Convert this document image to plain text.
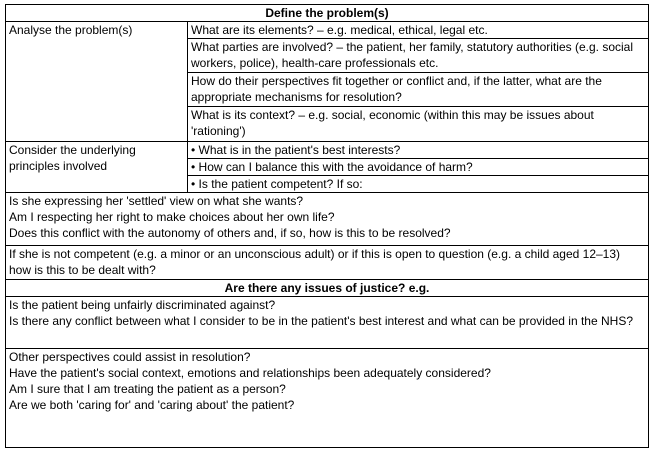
Define the problem(s)	
Analyse the problem(s)	What are its elements? – e.g. medical, ethical, legal etc.
	What parties are involved? – the patient, her family, statutory authorities (e.g. social workers, police), health-care professionals etc.
	How do their perspectives fit together or conflict and, if the latter, what are the appropriate mechanisms for resolution?
	What is its context? – e.g. social, economic (within this may be issues about 'rationing')
Consider the underlying principles involved	• What is in the patient's best interests?
	• How can I balance this with the avoidance of harm?
	• Is the patient competent? If so:

Is she expressing her 'settled' view on what she wants?
Am I respecting her right to make choices about her own life?
Does this conflict with the autonomy of others and, if so, how is this to be resolved?	

If she is not competent (e.g. a minor or an unconscious adult) or if this is open to question (e.g. a child aged 12–13) how is this to be dealt with?	
Are there any issues of justice? e.g.	

Is the patient being unfairly discriminated against?
Is there any conflict between what I consider to be in the patient's best interest and what can be provided in the NHS?	

Other perspectives could assist in resolution?
Have the patient's social context, emotions and relationships been adequately considered?
Am I sure that I am treating the patient as a person?
Are we both 'caring for' and 'caring about' the patient?	
